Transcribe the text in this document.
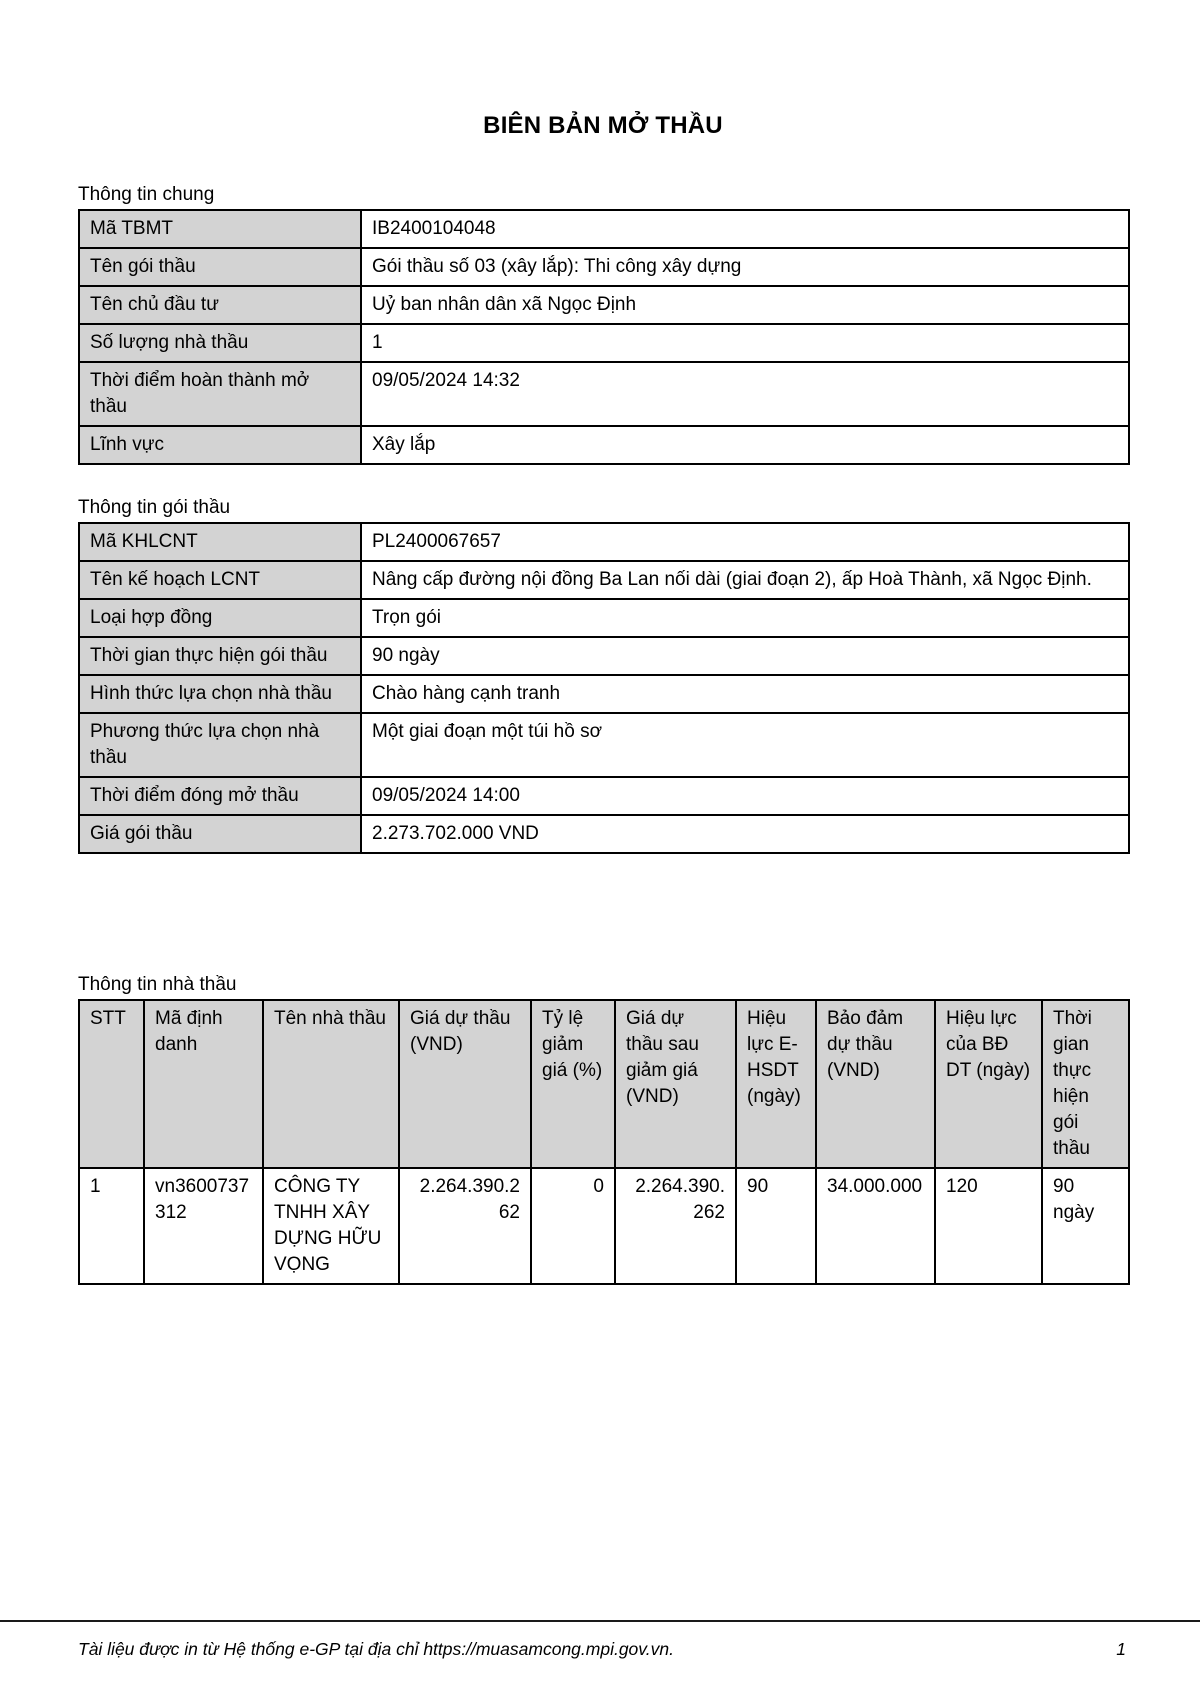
BIÊN BẢN MỞ THẦU

Thông tin chung

Mã TBMT	IB2400104048
Tên gói thầu	Gói thầu số 03 (xây lắp): Thi công xây dựng
Tên chủ đầu tư	Uỷ ban nhân dân xã Ngọc Định
Số lượng nhà thầu	1
Thời điểm hoàn thành mở thầu	09/05/2024 14:32
Lĩnh vực	Xây lắp

Thông tin gói thầu

Mã KHLCNT	PL2400067657
Tên kế hoạch LCNT	Nâng cấp đường nội đồng Ba Lan nối dài (giai đoạn 2), ấp Hoà Thành, xã Ngọc Định.
Loại hợp đồng	Trọn gói
Thời gian thực hiện gói thầu	90 ngày
Hình thức lựa chọn nhà thầu	Chào hàng cạnh tranh
Phương thức lựa chọn nhà thầu	Một giai đoạn một túi hồ sơ
Thời điểm đóng mở thầu	09/05/2024 14:00
Giá gói thầu	2.273.702.000 VND

Thông tin nhà thầu

STT	Mã định danh	Tên nhà thầu	Giá dự thầu (VND)	Tỷ lệ giảm giá (%)	Giá dự thầu sau giảm giá (VND)	Hiệu lực E-HSDT (ngày)	Bảo đảm dự thầu (VND)	Hiệu lực của BĐ DT (ngày)	Thời gian thực hiện gói thầu
1	vn3600737312	CÔNG TY TNHH XÂY DỰNG HỮU VỌNG	2.264.390.262	0	2.264.390.262	90	34.000.000	120	90 ngày
Tài liệu được in từ Hệ thống e-GP tại địa chỉ https://muasamcong.mpi.gov.vn.	1
